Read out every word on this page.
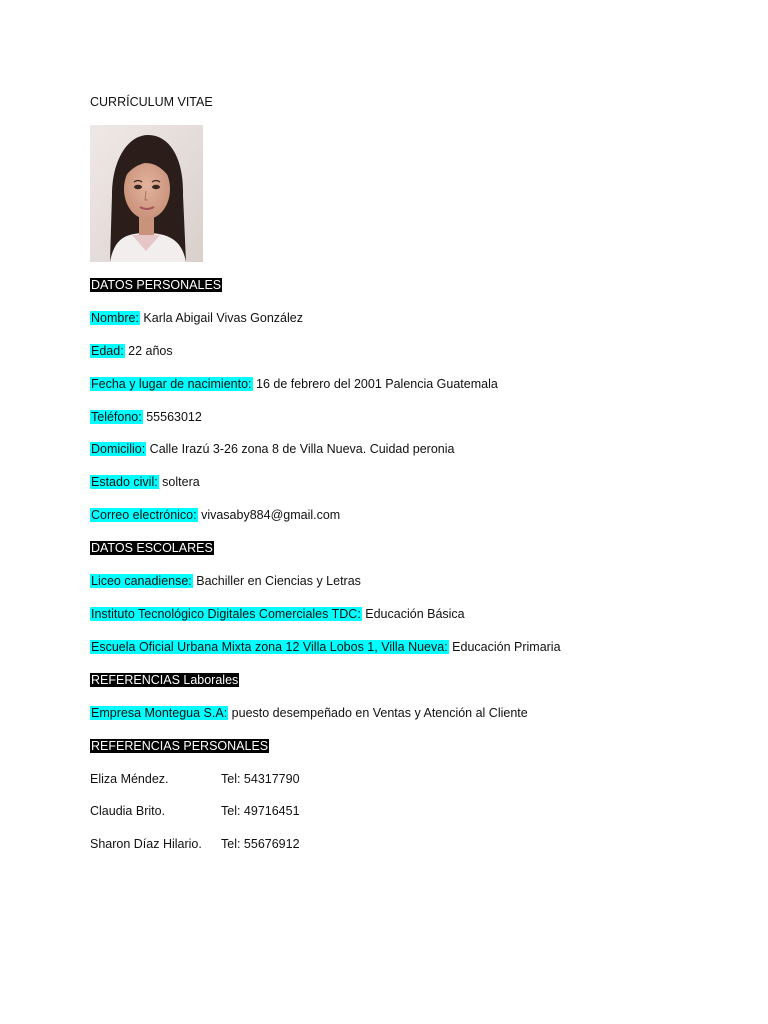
CURRÍCULUM VITAE
DATOS PERSONALES
Nombre: Karla Abigail Vivas González
Edad: 22 años
Fecha y lugar de nacimiento: 16 de febrero del 2001 Palencia Guatemala
Teléfono: 55563012
Domicilio: Calle Irazú 3-26 zona 8 de Villa Nueva. Cuidad peronia
Estado civil: soltera
Correo electrónico: vivasaby884@gmail.com
DATOS ESCOLARES
Liceo canadiense: Bachiller en Ciencias y Letras
Instituto Tecnológico Digitales Comerciales TDC: Educación Básica
Escuela Oficial Urbana Mixta zona 12 Villa Lobos 1, Villa Nueva: Educación Primaria
REFERENCIAS Laborales
Empresa Montegua S.A: puesto desempeñado en Ventas y Atención al Cliente
REFERENCIAS PERSONALES
Eliza Méndez.	Tel: 54317790
Claudia Brito.	Tel: 49716451
Sharon Díaz Hilario. Tel: 55676912
